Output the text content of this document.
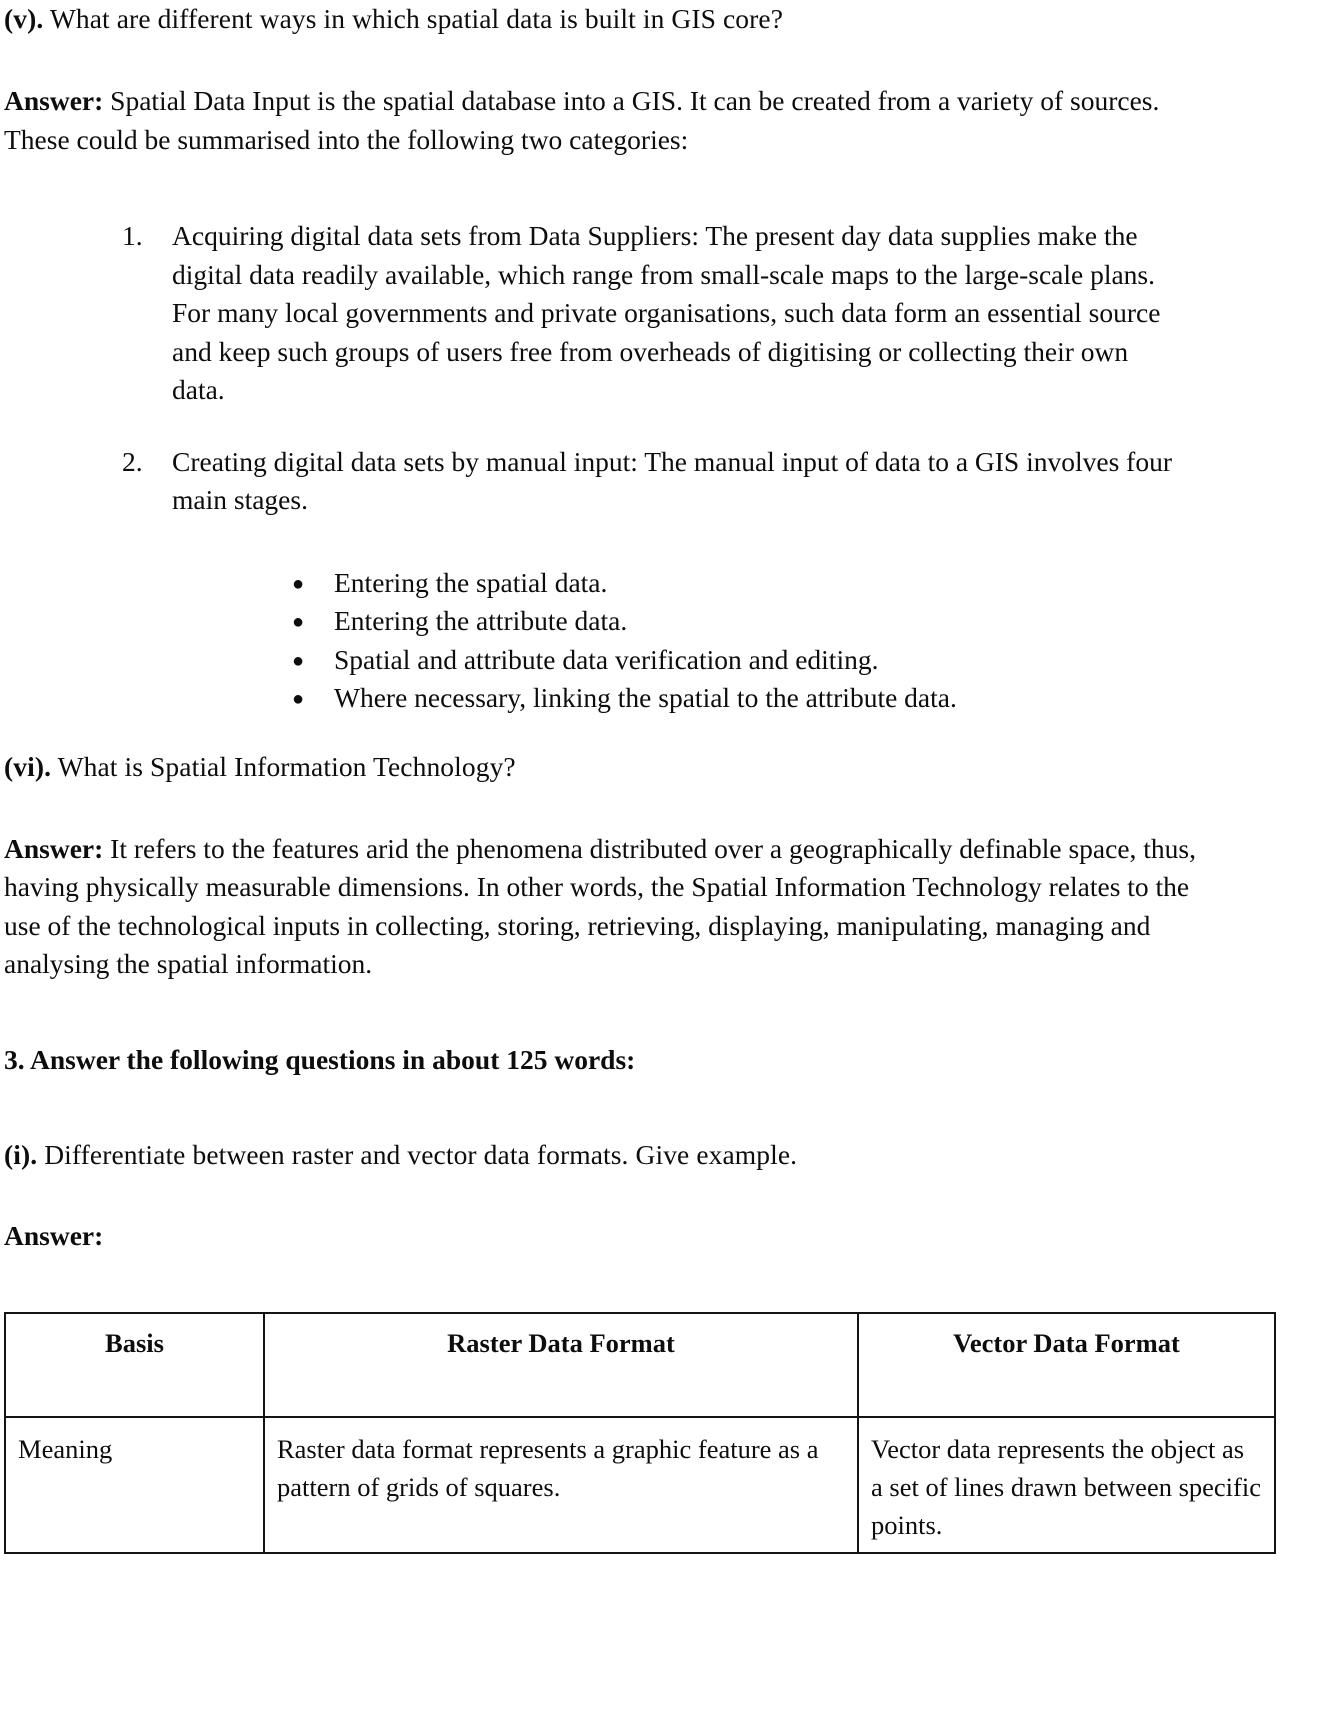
(v). What are different ways in which spatial data is built in GIS core?

Answer: Spatial Data Input is the spatial database into a GIS. It can be created from a variety of sources. These could be summarised into the following two categories:

1.	Acquiring digital data sets from Data Suppliers: The present day data supplies make the digital data readily available, which range from small-scale maps to the large-scale plans. For many local governments and private organisations, such data form an essential source and keep such groups of users free from overheads of digitising or collecting their own data.
2.	Creating digital data sets by manual input: The manual input of data to a GIS involves four main stages.
● Entering the spatial data.
● Entering the attribute data.
● Spatial and attribute data verification and editing.
● Where necessary, linking the spatial to the attribute data.

(vi). What is Spatial Information Technology?

Answer: It refers to the features arid the phenomena distributed over a geographically definable space, thus, having physically measurable dimensions. In other words, the Spatial Information Technology relates to the use of the technological inputs in collecting, storing, retrieving, displaying, manipulating, managing and analysing the spatial information.

3. Answer the following questions in about 125 words:

(i). Differentiate between raster and vector data formats. Give example.

Answer:

Basis	Raster Data Format	Vector Data Format
Meaning	Raster data format represents a graphic feature as a pattern of grids of squares.	Vector data represents the object as a set of lines drawn between specific points.
